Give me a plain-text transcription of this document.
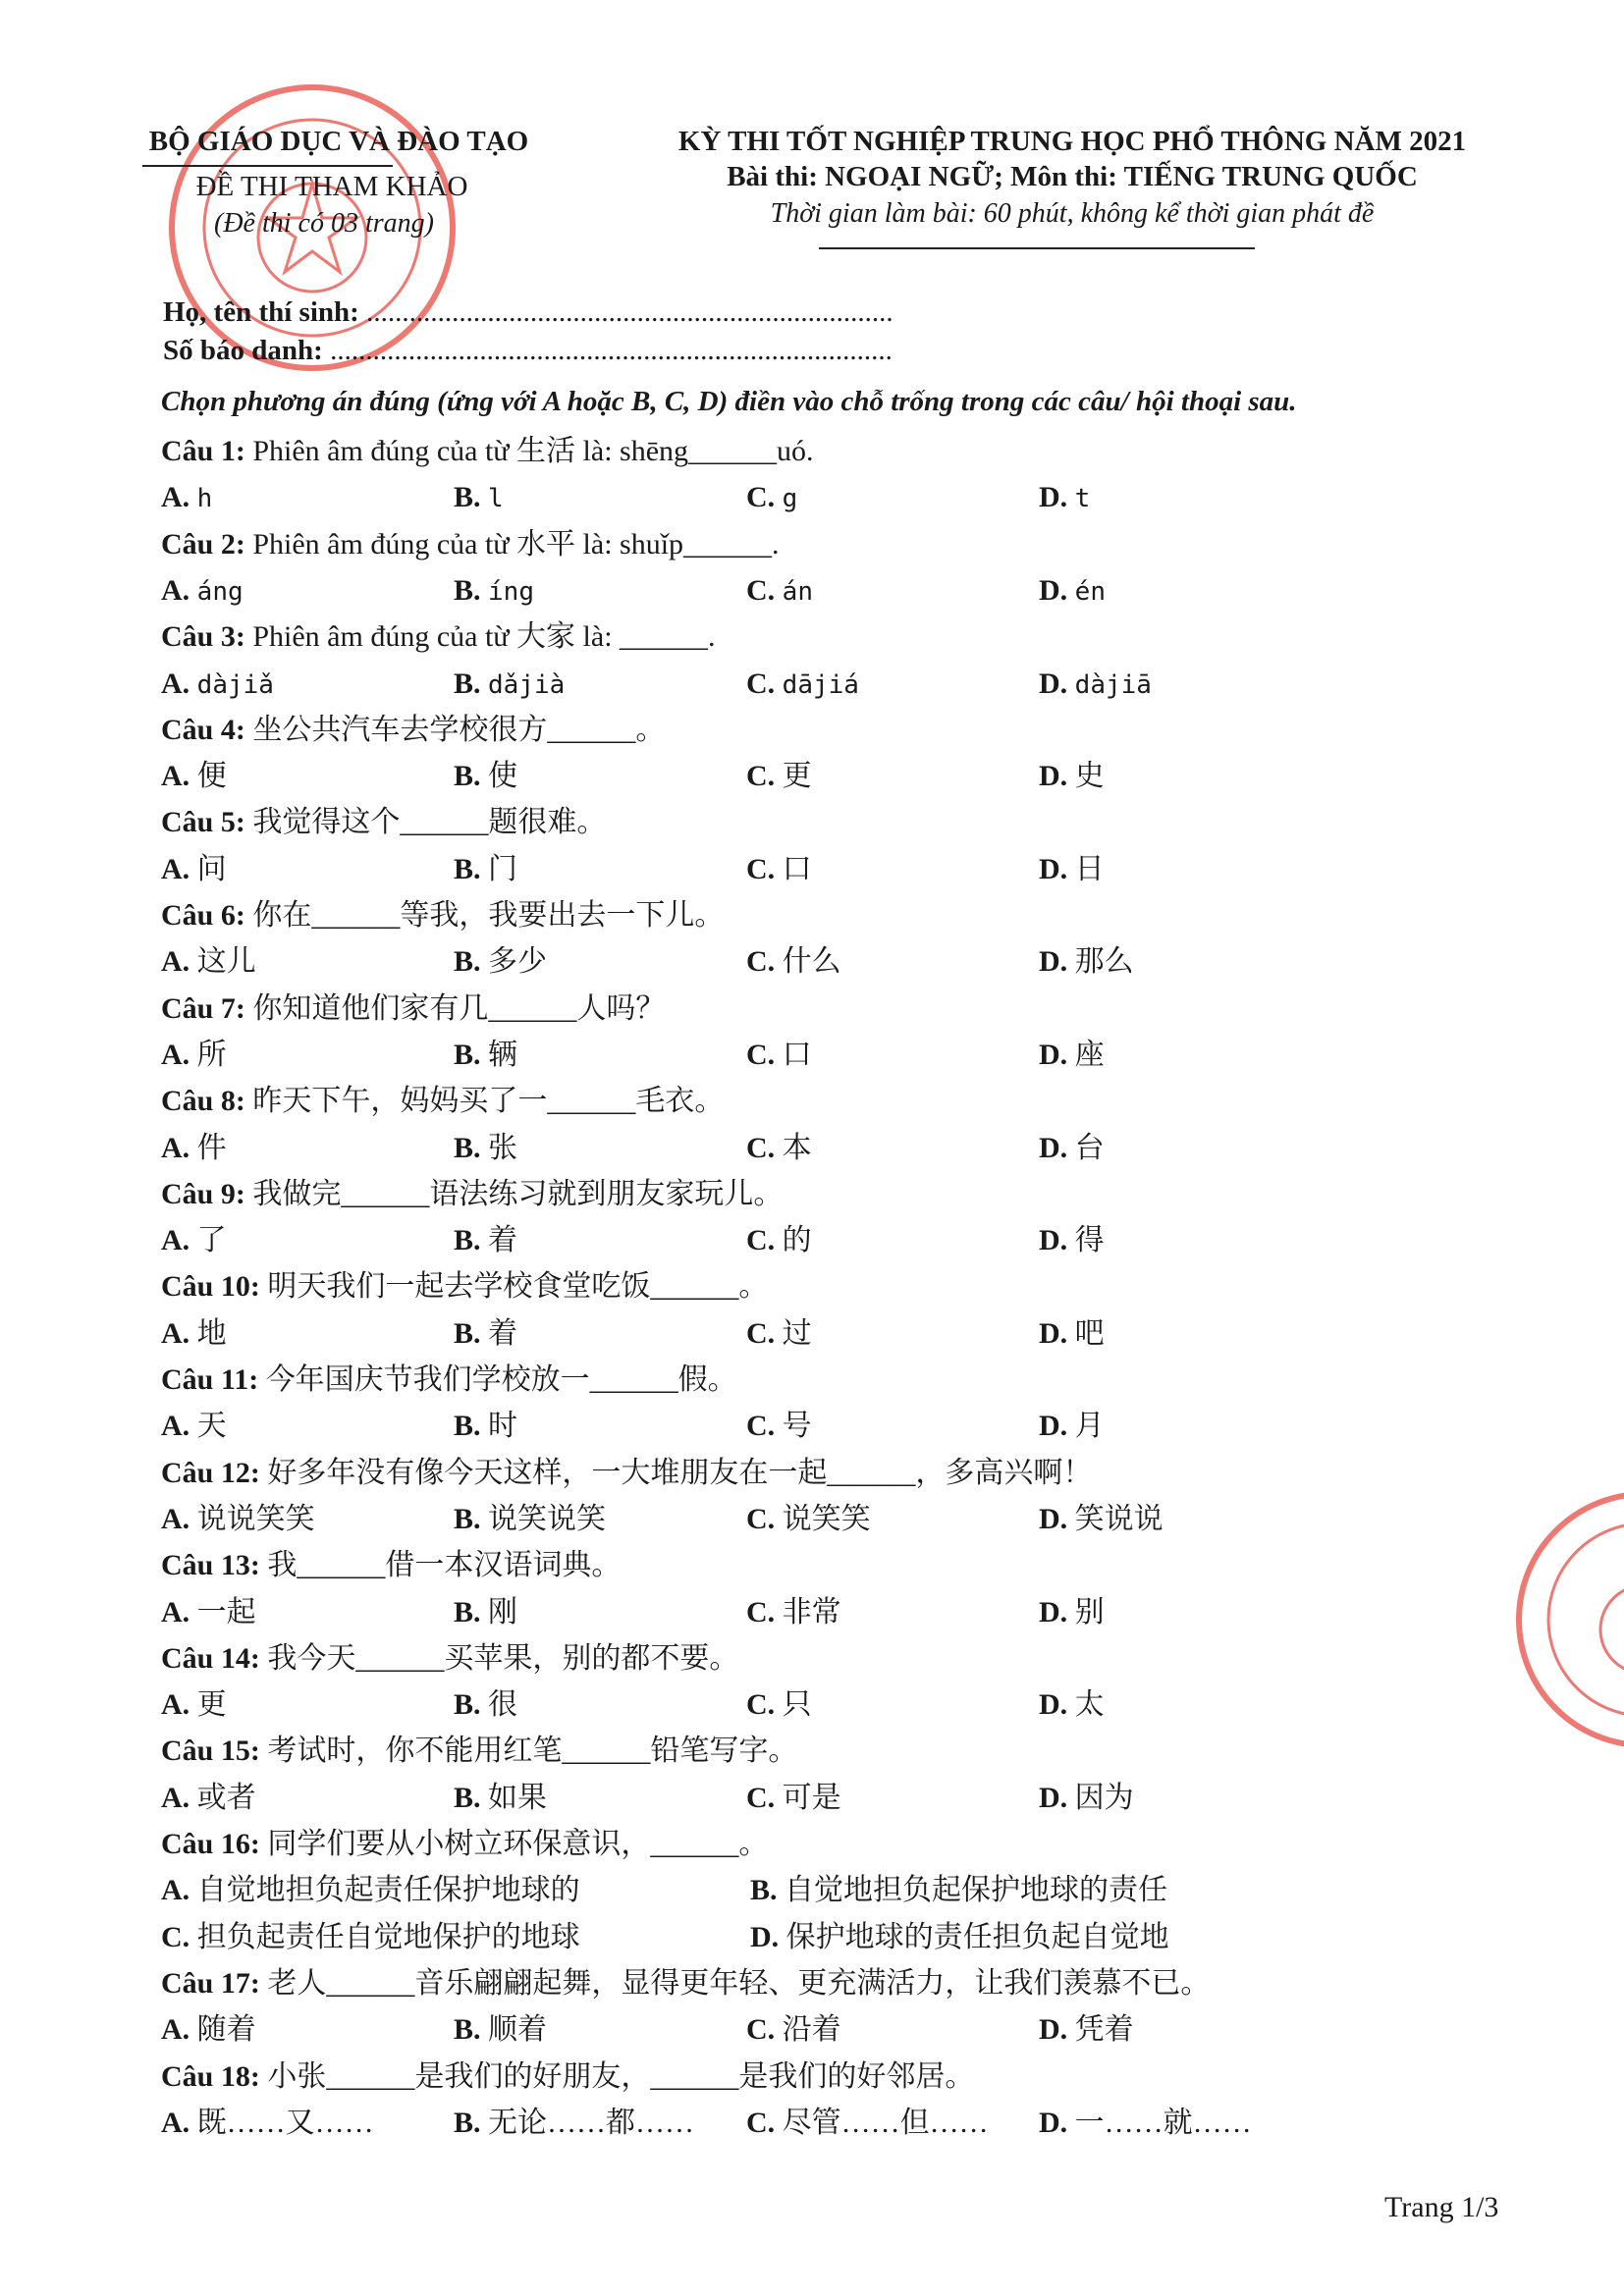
BỘ GIÁO DỤC VÀ ĐÀO TẠO
ĐỀ THI THAM KHẢO
(Đề thi có 03 trang)
KỲ THI TỐT NGHIỆP TRUNG HỌC PHỔ THÔNG NĂM 2021
Bài thi: NGOẠI NGỮ; Môn thi: TIẾNG TRUNG QUỐC
Thời gian làm bài: 60 phút, không kể thời gian phát đề
Họ, tên thí sinh: ..........................................................................
Số báo danh: ...............................................................................
Chọn phương án đúng (ứng với A hoặc B, C, D) điền vào chỗ trống trong các câu/ hội thoại sau.
Câu 1: Phiên âm đúng của từ 生活 là: shēng______uó.
A. h	B. l	C. g	D. t
Câu 2: Phiên âm đúng của từ 水平 là: shuǐp______.
A. áng	B. íng	C. án	D. én
Câu 3: Phiên âm đúng của từ 大家 là: ______.
A. dàjiǎ	B. dǎjià	C. dājiá	D. dàjiā
Câu 4: 坐公共汽车去学校很方______。
A. 便	B. 使	C. 更	D. 史
Câu 5: 我觉得这个______题很难。
A. 问	B. 门	C. 口	D. 日
Câu 6: 你在______等我，我要出去一下儿。
A. 这儿	B. 多少	C. 什么	D. 那么
Câu 7: 你知道他们家有几______人吗？
A. 所	B. 辆	C. 口	D. 座
Câu 8: 昨天下午，妈妈买了一______毛衣。
A. 件	B. 张	C. 本	D. 台
Câu 9: 我做完______语法练习就到朋友家玩儿。
A. 了	B. 着	C. 的	D. 得
Câu 10: 明天我们一起去学校食堂吃饭______。
A. 地	B. 着	C. 过	D. 吧
Câu 11: 今年国庆节我们学校放一______假。
A. 天	B. 时	C. 号	D. 月
Câu 12: 好多年没有像今天这样，一大堆朋友在一起______，多高兴啊！
A. 说说笑笑	B. 说笑说笑	C. 说笑笑	D. 笑说说
Câu 13: 我______借一本汉语词典。
A. 一起	B. 刚	C. 非常	D. 别
Câu 14: 我今天______买苹果，别的都不要。
A. 更	B. 很	C. 只	D. 太
Câu 15: 考试时，你不能用红笔______铅笔写字。
A. 或者	B. 如果	C. 可是	D. 因为
Câu 16: 同学们要从小树立环保意识，______。
A. 自觉地担负起责任保护地球的	B. 自觉地担负起保护地球的责任
C. 担负起责任自觉地保护的地球	D. 保护地球的责任担负起自觉地
Câu 17: 老人______音乐翩翩起舞，显得更年轻、更充满活力，让我们羡慕不已。
A. 随着	B. 顺着	C. 沿着	D. 凭着
Câu 18: 小张______是我们的好朋友，______是我们的好邻居。
A. 既……又……	B. 无论……都…… C. 尽管……但…… D. 一……就……
Trang 1/3
